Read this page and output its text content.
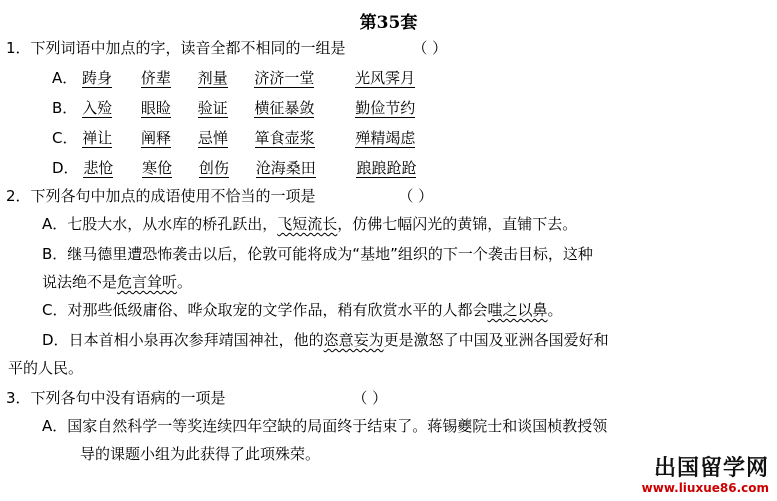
第35套
1．下列词语中加点的字，读音全都不相同的一组是	（ ）
A． 踌身 侪辈 剂量 济济一堂	光风霁月
B． 入殓 眼睑 验证 横征暴敛	勤俭节约
C． 禅让 阐释 忌惮 箪食壶浆	殚精竭虑
D． 悲怆 寒伧 创伤 沧海桑田	踉踉跄跄
2．下列各句中加点的成语使用不恰当的一项是	（ ）
A．七股大水，从水库的桥孔跃出，飞短流长，仿佛七幅闪光的黄锦，直铺下去。
B．继马德里遭恐怖袭击以后，伦敦可能将成为“基地”组织的下一个袭击目标，这种
说法绝不是危言耸听。
C．对那些低级庸俗、哗众取宠的文学作品，稍有欣赏水平的人都会嗤之以鼻。
D．日本首相小泉再次参拜靖国神社，他的恣意妄为更是激怒了中国及亚洲各国爱好和
平的人民。
3．下列各句中没有语病的一项是	（ ）
A．国家自然科学一等奖连续四年空缺的局面终于结束了。蒋锡夔院士和谈国桢教授领
导的课题小组为此获得了此项殊荣。
出国留学网
www.liuxue86.com
